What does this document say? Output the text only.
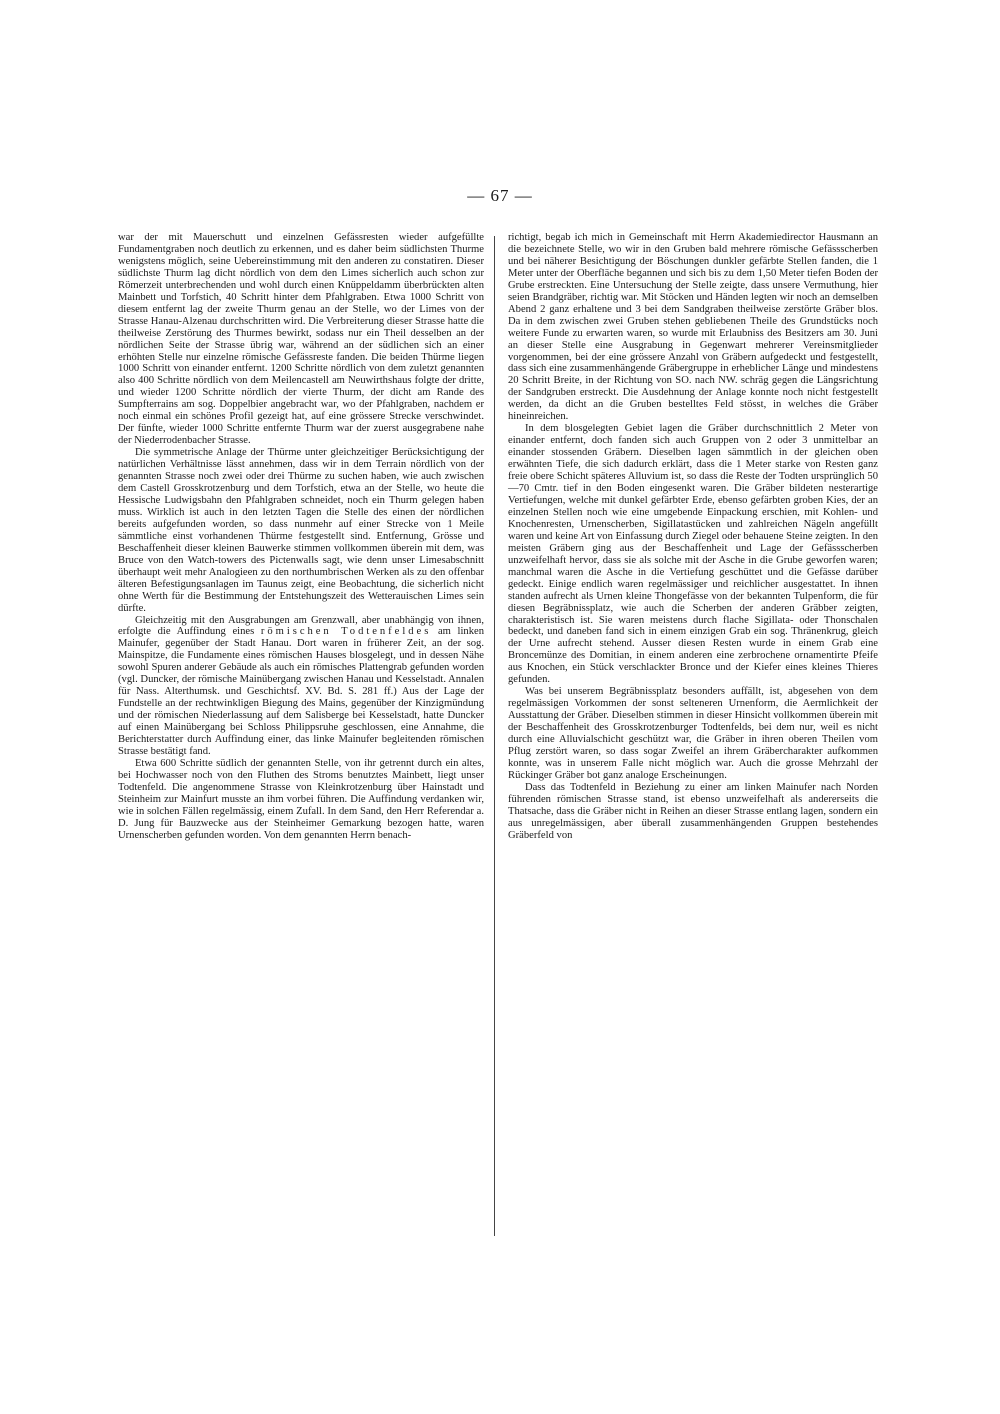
— 67 —

war der mit Mauerschutt und einzelnen Gefässresten wieder aufgefüllte Fundamentgraben noch deutlich zu erkennen, und es daher beim südlichsten Thurme wenigstens möglich, seine Uebereinstimmung mit den anderen zu constatiren. Dieser südlichste Thurm lag dicht nördlich von dem den Limes sicherlich auch schon zur Römerzeit unterbrechenden und wohl durch einen Knüppeldamm überbrückten alten Mainbett und Torfstich, 40 Schritt hinter dem Pfahlgraben. Etwa 1000 Schritt von diesem entfernt lag der zweite Thurm genau an der Stelle, wo der Limes von der Strasse Hanau-Alzenau durchschritten wird. Die Verbreiterung dieser Strasse hatte die theilweise Zerstörung des Thurmes bewirkt, sodass nur ein Theil desselben an der nördlichen Seite der Strasse übrig war, während an der südlichen sich an einer erhöhten Stelle nur einzelne römische Gefässreste fanden. Die beiden Thürme liegen 1000 Schritt von einander entfernt. 1200 Schritte nördlich von dem zuletzt genannten also 400 Schritte nördlich von dem Meilencastell am Neuwirthshaus folgte der dritte, und wieder 1200 Schritte nördlich der vierte Thurm, der dicht am Rande des Sumpfterrains am sog. Doppelbier angebracht war, wo der Pfahlgraben, nachdem er noch einmal ein schönes Profil gezeigt hat, auf eine grössere Strecke verschwindet. Der fünfte, wieder 1000 Schritte entfernte Thurm war der zuerst ausgegrabene nahe der Niederrodenbacher Strasse.

Die symmetrische Anlage der Thürme unter gleichzeitiger Berücksichtigung der natürlichen Verhältnisse lässt annehmen, dass wir in dem Terrain nördlich von der genannten Strasse noch zwei oder drei Thürme zu suchen haben, wie auch zwischen dem Castell Grosskrotzenburg und dem Torfstich, etwa an der Stelle, wo heute die Hessische Ludwigsbahn den Pfahlgraben schneidet, noch ein Thurm gelegen haben muss. Wirklich ist auch in den letzten Tagen die Stelle des einen der nördlichen bereits aufgefunden worden, so dass nunmehr auf einer Strecke von 1 Meile sämmtliche einst vorhandenen Thürme festgestellt sind. Entfernung, Grösse und Beschaffenheit dieser kleinen Bauwerke stimmen vollkommen überein mit dem, was Bruce von den Watch-towers des Pictenwalls sagt, wie denn unser Limesabschnitt überhaupt weit mehr Analogieen zu den northumbrischen Werken als zu den offenbar älteren Befestigungsanlagen im Taunus zeigt, eine Beobachtung, die sicherlich nicht ohne Werth für die Bestimmung der Entstehungszeit des Wetterauischen Limes sein dürfte.

Gleichzeitig mit den Ausgrabungen am Grenzwall, aber unabhängig von ihnen, erfolgte die Auffindung eines römischen Todtenfeldes am linken Mainufer, gegenüber der Stadt Hanau. Dort waren in früherer Zeit, an der sog. Mainspitze, die Fundamente eines römischen Hauses blosgelegt, und in dessen Nähe sowohl Spuren anderer Gebäude als auch ein römisches Plattengrab gefunden worden (vgl. Duncker, der römische Mainübergang zwischen Hanau und Kesselstadt. Annalen für Nass. Alterthumsk. und Geschichtsf. XV. Bd. S. 281 ff.) Aus der Lage der Fundstelle an der rechtwinkligen Biegung des Mains, gegenüber der Kinzigmündung und der römischen Niederlassung auf dem Salisberge bei Kesselstadt, hatte Duncker auf einen Mainübergang bei Schloss Philippsruhe geschlossen, eine Annahme, die Berichterstatter durch Auffindung einer, das linke Mainufer begleitenden römischen Strasse bestätigt fand.

Etwa 600 Schritte südlich der genannten Stelle, von ihr getrennt durch ein altes, bei Hochwasser noch von den Fluthen des Stroms benutztes Mainbett, liegt unser Todtenfeld. Die angenommene Strasse von Kleinkrotzenburg über Hainstadt und Steinheim zur Mainfurt musste an ihm vorbei führen. Die Auffindung verdanken wir, wie in solchen Fällen regelmässig, einem Zufall. In dem Sand, den Herr Referendar a. D. Jung für Bauzwecke aus der Steinheimer Gemarkung bezogen hatte, waren Urnenscherben gefunden worden. Von dem genannten Herrn benach-

richtigt, begab ich mich in Gemeinschaft mit Herrn Akademiedirector Hausmann an die bezeichnete Stelle, wo wir in den Gruben bald mehrere römische Gefässscherben und bei näherer Besichtigung der Böschungen dunkler gefärbte Stellen fanden, die 1 Meter unter der Oberfläche begannen und sich bis zu dem 1,50 Meter tiefen Boden der Grube erstreckten. Eine Untersuchung der Stelle zeigte, dass unsere Vermuthung, hier seien Brandgräber, richtig war. Mit Stöcken und Händen legten wir noch an demselben Abend 2 ganz erhaltene und 3 bei dem Sandgraben theilweise zerstörte Gräber blos. Da in dem zwischen zwei Gruben stehen gebliebenen Theile des Grundstücks noch weitere Funde zu erwarten waren, so wurde mit Erlaubniss des Besitzers am 30. Juni an dieser Stelle eine Ausgrabung in Gegenwart mehrerer Vereinsmitglieder vorgenommen, bei der eine grössere Anzahl von Gräbern aufgedeckt und festgestellt, dass sich eine zusammenhängende Gräbergruppe in erheblicher Länge und mindestens 20 Schritt Breite, in der Richtung von SO. nach NW. schräg gegen die Längsrichtung der Sandgruben erstreckt. Die Ausdehnung der Anlage konnte noch nicht festgestellt werden, da dicht an die Gruben bestelltes Feld stösst, in welches die Gräber hineinreichen.

In dem blosgelegten Gebiet lagen die Gräber durchschnittlich 2 Meter von einander entfernt, doch fanden sich auch Gruppen von 2 oder 3 unmittelbar an einander stossenden Gräbern. Dieselben lagen sämmtlich in der gleichen oben erwähnten Tiefe, die sich dadurch erklärt, dass die 1 Meter starke von Resten ganz freie obere Schicht späteres Alluvium ist, so dass die Reste der Todten ursprünglich 50—70 Cmtr. tief in den Boden eingesenkt waren. Die Gräber bildeten nesterartige Vertiefungen, welche mit dunkel gefärbter Erde, ebenso gefärbten groben Kies, der an einzelnen Stellen noch wie eine umgebende Einpackung erschien, mit Kohlen- und Knochenresten, Urnenscherben, Sigillatastücken und zahlreichen Nägeln angefüllt waren und keine Art von Einfassung durch Ziegel oder behauene Steine zeigten. In den meisten Gräbern ging aus der Beschaffenheit und Lage der Gefässscherben unzweifelhaft hervor, dass sie als solche mit der Asche in die Grube geworfen waren; manchmal waren die Asche in die Vertiefung geschüttet und die Gefässe darüber gedeckt. Einige endlich waren regelmässiger und reichlicher ausgestattet. In ihnen standen aufrecht als Urnen kleine Thongefässe von der bekannten Tulpenform, die für diesen Begräbnissplatz, wie auch die Scherben der anderen Gräbber zeigten, charakteristisch ist. Sie waren meistens durch flache Sigillata- oder Thonschalen bedeckt, und daneben fand sich in einem einzigen Grab ein sog. Thränenkrug, gleich der Urne aufrecht stehend. Ausser diesen Resten wurde in einem Grab eine Broncemünze des Domitian, in einem anderen eine zerbrochene ornamentirte Pfeife aus Knochen, ein Stück verschlackter Bronce und der Kiefer eines kleines Thieres gefunden.

Was bei unserem Begräbnissplatz besonders auffällt, ist, abgesehen von dem regelmässigen Vorkommen der sonst selteneren Urnenform, die Aermlichkeit der Ausstattung der Gräber. Dieselben stimmen in dieser Hinsicht vollkommen überein mit der Beschaffenheit des Grosskrotzenburger Todtenfelds, bei dem nur, weil es nicht durch eine Alluvialschicht geschützt war, die Gräber in ihren oberen Theilen vom Pflug zerstört waren, so dass sogar Zweifel an ihrem Gräbercharakter aufkommen konnte, was in unserem Falle nicht möglich war. Auch die grosse Mehrzahl der Rückinger Gräber bot ganz analoge Erscheinungen.

Dass das Todtenfeld in Beziehung zu einer am linken Mainufer nach Norden führenden römischen Strasse stand, ist ebenso unzweifelhaft als andererseits die Thatsache, dass die Gräber nicht in Reihen an dieser Strasse entlang lagen, sondern ein aus unregelmässigen, aber überall zusammenhängenden Gruppen bestehendes Gräberfeld von
